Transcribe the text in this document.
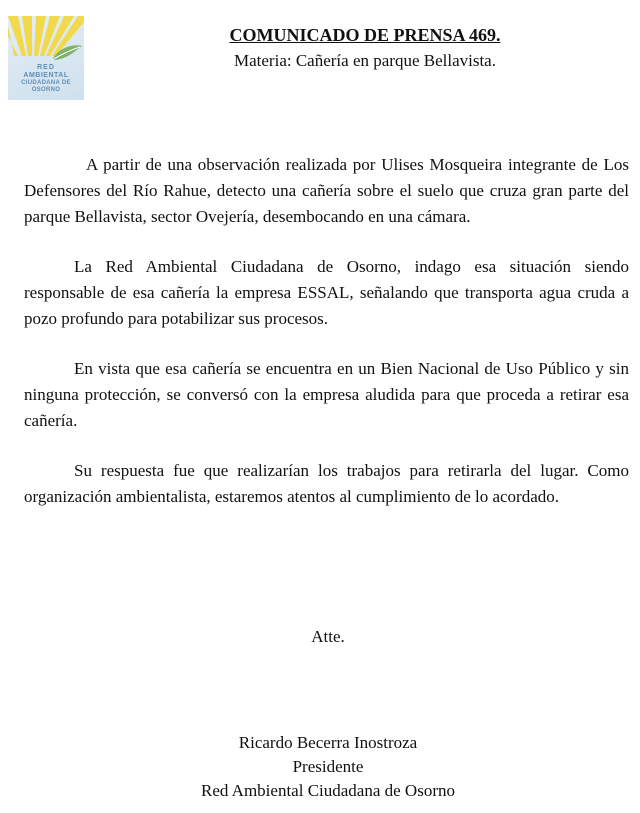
RED
AMBIENTAL
CIUDADANA DE
OSORNO
COMUNICADO DE PRENSA 469.

Materia: Cañería en parque Bellavista.

A partir de una observación realizada por Ulises Mosqueira integrante de Los Defensores del Río Rahue, detecto una cañería sobre el suelo que cruza gran parte del parque Bellavista, sector Ovejería, desembocando en una cámara.

La Red Ambiental Ciudadana de Osorno, indago esa situación siendo responsable de esa cañería la empresa ESSAL, señalando que transporta agua cruda a pozo profundo para potabilizar sus procesos.

En vista que esa cañería se encuentra en un Bien Nacional de Uso Público y sin ninguna protección, se conversó con la empresa aludida para que proceda a retirar esa cañería.

Su respuesta fue que realizarían los trabajos para retirarla del lugar. Como organización ambientalista, estaremos atentos al cumplimiento de lo acordado.

Atte.
Ricardo Becerra Inostroza
Presidente
Red Ambiental Ciudadana de Osorno
